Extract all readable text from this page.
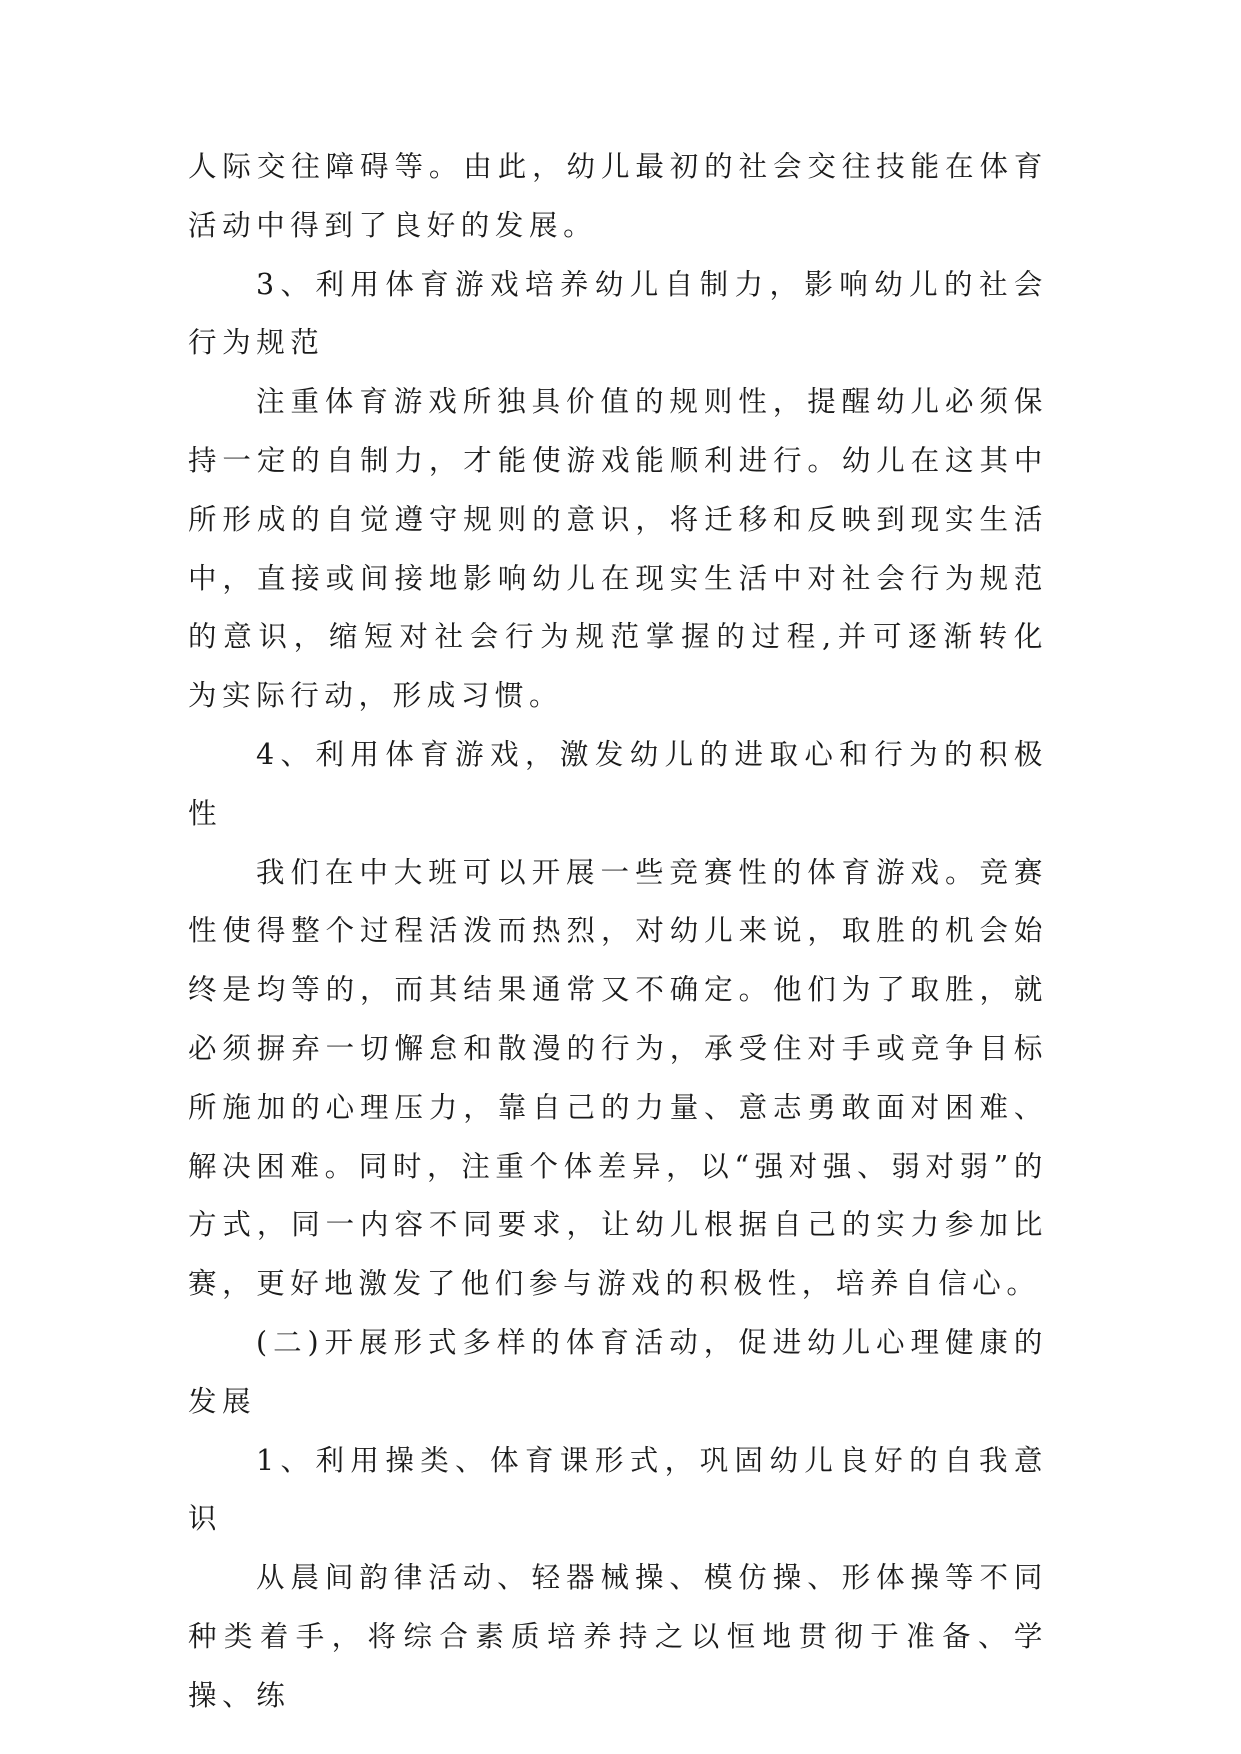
人际交往障碍等。由此，幼儿最初的社会交往技能在体育活动中得到了良好的发展。

3、利用体育游戏培养幼儿自制力，影响幼儿的社会行为规范

注重体育游戏所独具价值的规则性，提醒幼儿必须保持一定的自制力，才能使游戏能顺利进行。幼儿在这其中所形成的自觉遵守规则的意识，将迁移和反映到现实生活中，直接或间接地影响幼儿在现实生活中对社会行为规范的意识，缩短对社会行为规范掌握的过程,并可逐渐转化为实际行动，形成习惯。

4、利用体育游戏，激发幼儿的进取心和行为的积极性

我们在中大班可以开展一些竞赛性的体育游戏。竞赛性使得整个过程活泼而热烈，对幼儿来说，取胜的机会始终是均等的，而其结果通常又不确定。他们为了取胜，就必须摒弃一切懈怠和散漫的行为，承受住对手或竞争目标所施加的心理压力，靠自己的力量、意志勇敢面对困难、解决困难。同时，注重个体差异，以“强对强、弱对弱”的方式，同一内容不同要求，让幼儿根据自己的实力参加比赛，更好地激发了他们参与游戏的积极性，培养自信心。

(二)开展形式多样的体育活动，促进幼儿心理健康的发展

1、利用操类、体育课形式，巩固幼儿良好的自我意识

从晨间韵律活动、轻器械操、模仿操、形体操等不同种类着手，将综合素质培养持之以恒地贯彻于准备、学操、练
